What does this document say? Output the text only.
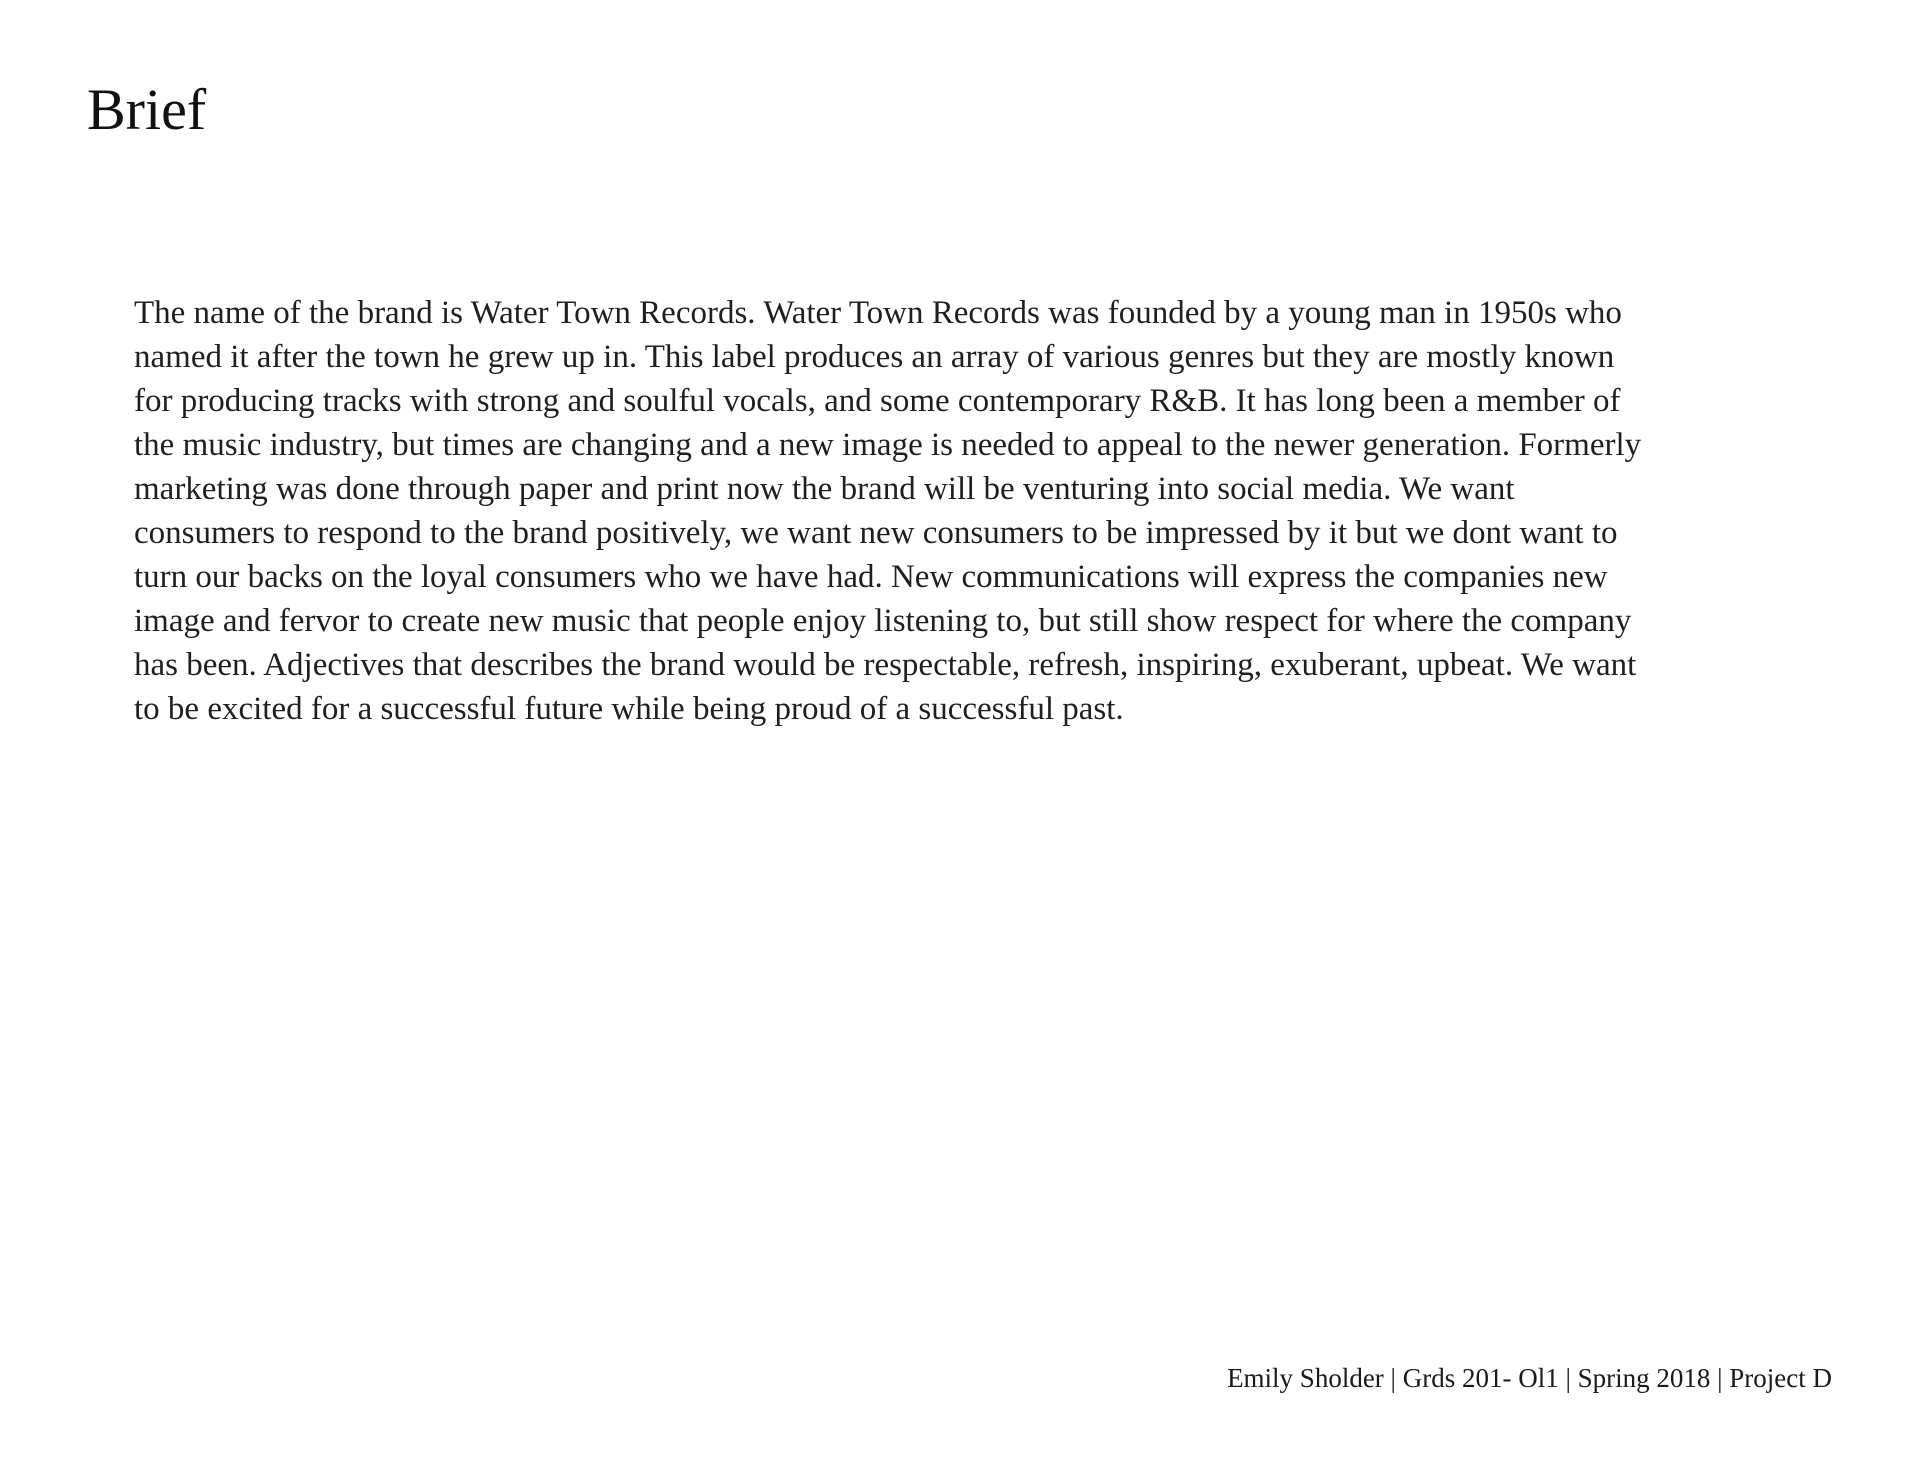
Brief
The name of the brand is Water Town Records. Water Town Records was founded by a young man in 1950s who
named it after the town he grew up in. This label produces an array of various genres but they are mostly known
for producing tracks with strong and soulful vocals, and some contemporary R&B. It has long been a member of
the music industry, but times are changing and a new image is needed to appeal to the newer generation. Formerly
marketing was done through paper and print now the brand will be venturing into social media. We want
consumers to respond to the brand positively, we want new consumers to be impressed by it but we dont want to
turn our backs on the loyal consumers who we have had. New communications will express the companies new
image and fervor to create new music that people enjoy listening to, but still show respect for where the company
has been. Adjectives that describes the brand would be respectable, refresh, inspiring, exuberant, upbeat. We want
to be excited for a successful future while being proud of a successful past.

Emily Sholder | Grds 201- Ol1 | Spring 2018 | Project D
